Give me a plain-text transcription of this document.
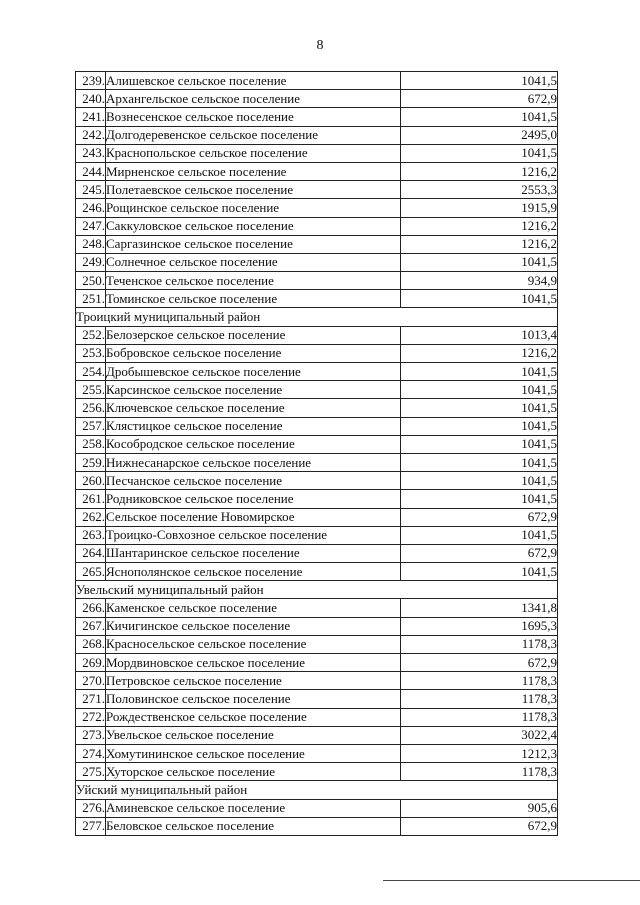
8
239.	Алишевское сельское поселение	1041,5
240.	Архангельское сельское поселение	672,9
241.	Вознесенское сельское поселение	1041,5
242.	Долгодеревенское сельское поселение	2495,0
243.	Краснопольское сельское поселение	1041,5
244.	Мирненское сельское поселение	1216,2
245.	Полетаевское сельское поселение	2553,3
246.	Рощинское сельское поселение	1915,9
247.	Саккуловское сельское поселение	1216,2
248.	Саргазинское сельское поселение	1216,2
249.	Солнечное сельское поселение	1041,5
250.	Теченское сельское поселение	934,9
251.	Томинское сельское поселение	1041,5
Троицкий муниципальный район		
252.	Белозерское сельское поселение	1013,4
253.	Бобровское сельское поселение	1216,2
254.	Дробышевское сельское поселение	1041,5
255.	Карсинское сельское поселение	1041,5
256.	Ключевское сельское поселение	1041,5
257.	Клястицкое сельское поселение	1041,5
258.	Кособродское сельское поселение	1041,5
259.	Нижнесанарское сельское поселение	1041,5
260.	Песчанское сельское поселение	1041,5
261.	Родниковское сельское поселение	1041,5
262.	Сельское поселение Новомирское	672,9
263.	Троицко-Совхозное сельское поселение	1041,5
264.	Шантаринское сельское поселение	672,9
265.	Яснополянское сельское поселение	1041,5
Увельский муниципальный район		
266.	Каменское сельское поселение	1341,8
267.	Кичигинское сельское поселение	1695,3
268.	Красносельское сельское поселение	1178,3
269.	Мордвиновское сельское поселение	672,9
270.	Петровское сельское поселение	1178,3
271.	Половинское сельское поселение	1178,3
272.	Рождественское сельское поселение	1178,3
273.	Увельское сельское поселение	3022,4
274.	Хомутининское сельское поселение	1212,3
275.	Хуторское сельское поселение	1178,3
Уйский муниципальный район		
276.	Аминевское сельское поселение	905,6
277.	Беловское сельское поселение	672,9
